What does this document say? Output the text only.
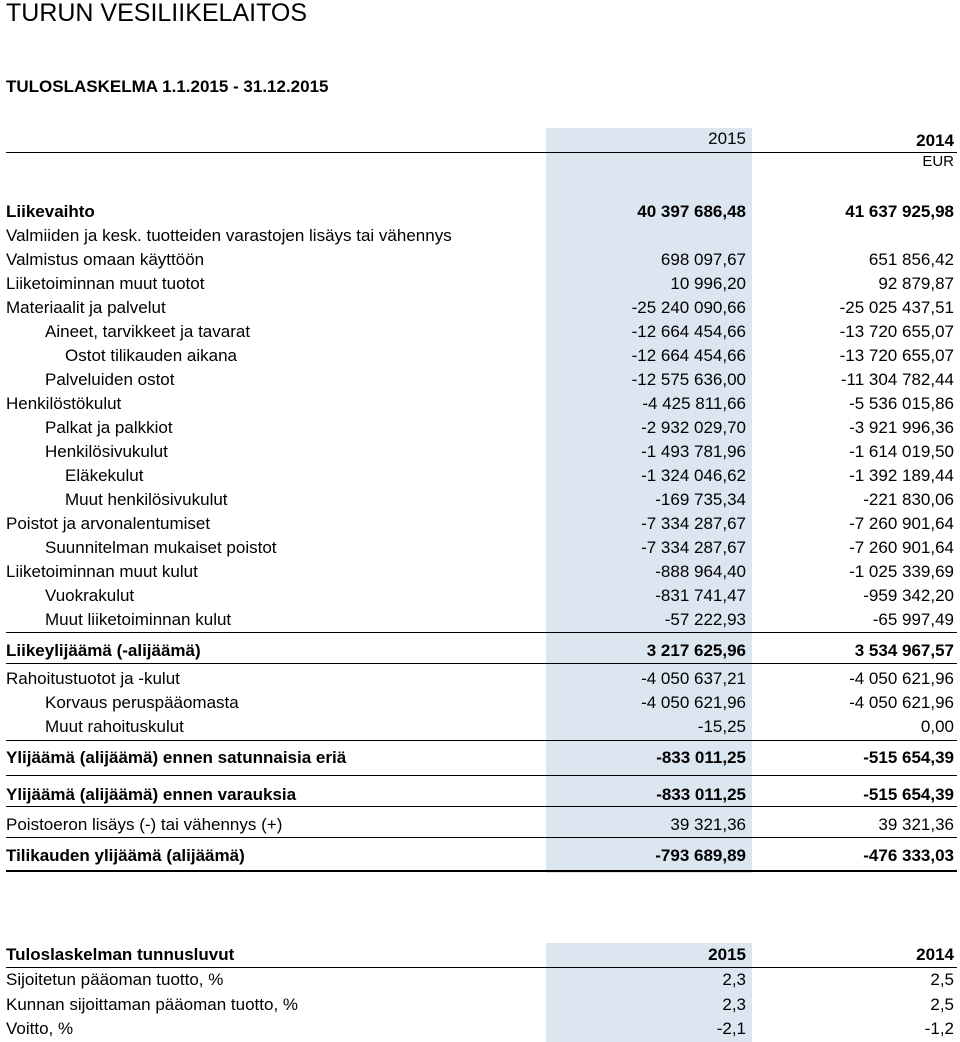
TURUN VESILIIKELAITOS
TULOSLASKELMA 1.1.2015 - 31.12.2015
2015	2014
EUR
Liikevaihto	40 397 686,48	41 637 925,98
Valmiiden ja kesk. tuotteiden varastojen lisäys tai vähennys
Valmistus omaan käyttöön	698 097,67	651 856,42
Liiketoiminnan muut tuotot	10 996,20	92 879,87
Materiaalit ja palvelut	-25 240 090,66	-25 025 437,51
Aineet, tarvikkeet ja tavarat	-12 664 454,66	-13 720 655,07
Ostot tilikauden aikana	-12 664 454,66	-13 720 655,07
Palveluiden ostot	-12 575 636,00	-11 304 782,44
Henkilöstökulut	-4 425 811,66	-5 536 015,86
Palkat ja palkkiot	-2 932 029,70	-3 921 996,36
Henkilösivukulut	-1 493 781,96	-1 614 019,50
Eläkekulut	-1 324 046,62	-1 392 189,44
Muut henkilösivukulut	-169 735,34	-221 830,06
Poistot ja arvonalentumiset	-7 334 287,67	-7 260 901,64
Suunnitelman mukaiset poistot	-7 334 287,67	-7 260 901,64
Liiketoiminnan muut kulut	-888 964,40	-1 025 339,69
Vuokrakulut	-831 741,47	-959 342,20
Muut liiketoiminnan kulut	-57 222,93	-65 997,49
Liikeylijäämä (-alijäämä)	3 217 625,96	3 534 967,57
Rahoitustuotot ja -kulut	-4 050 637,21	-4 050 621,96
Korvaus peruspääomasta	-4 050 621,96	-4 050 621,96
Muut rahoituskulut	-15,25	0,00
Ylijäämä (alijäämä) ennen satunnaisia eriä	-833 011,25	-515 654,39
Ylijäämä (alijäämä) ennen varauksia	-833 011,25	-515 654,39
Poistoeron lisäys (-) tai vähennys (+)	39 321,36	39 321,36
Tilikauden ylijäämä (alijäämä)	-793 689,89	-476 333,03
Tuloslaskelman tunnusluvut	2015	2014
Sijoitetun pääoman tuotto, %	2,3	2,5
Kunnan sijoittaman pääoman tuotto, %	2,3	2,5
Voitto, %	-2,1	-1,2
